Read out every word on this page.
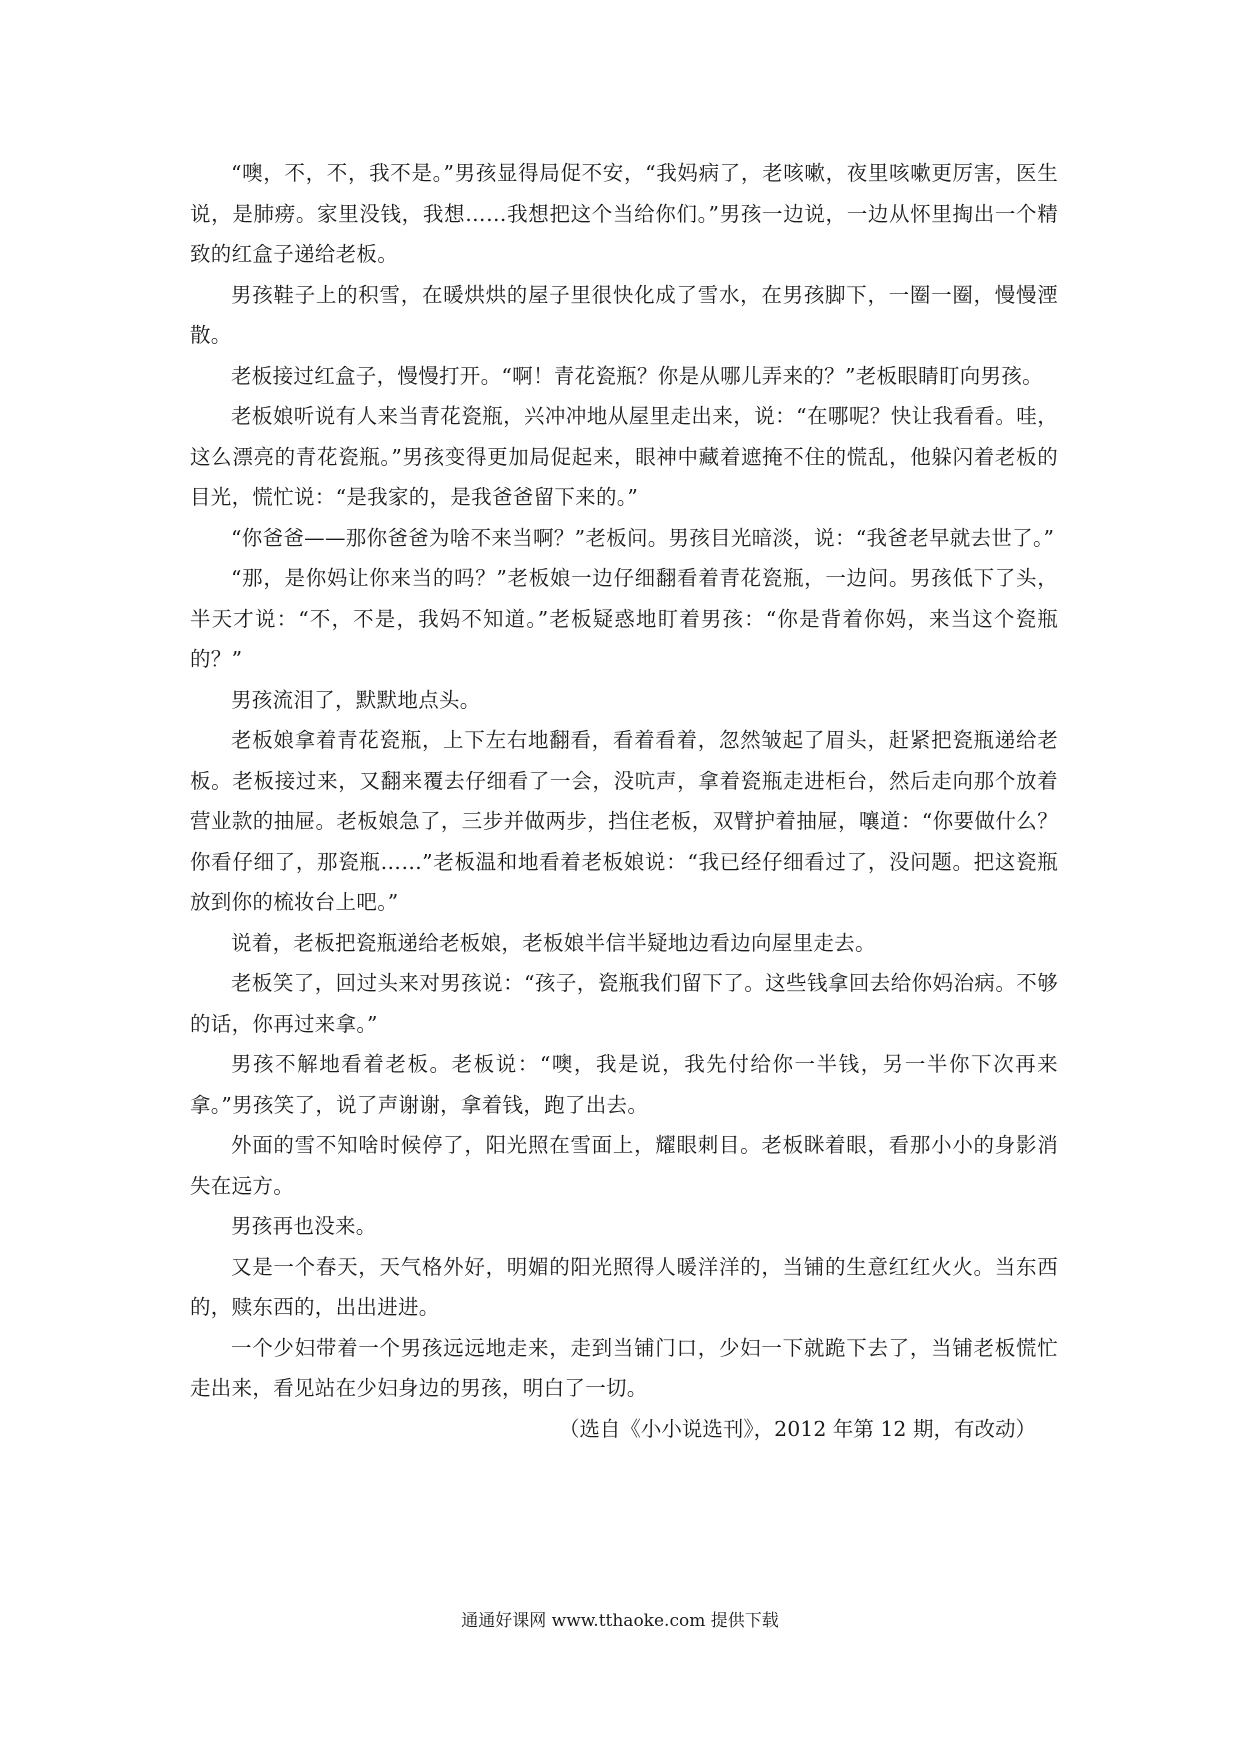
“噢，不，不，我不是。”男孩显得局促不安，“我妈病了，老咳嗽，夜里咳嗽更厉害，医生说，是肺痨。家里没钱，我想……我想把这个当给你们。”男孩一边说，一边从怀里掏出一个精致的红盒子递给老板。

男孩鞋子上的积雪，在暖烘烘的屋子里很快化成了雪水，在男孩脚下，一圈一圈，慢慢湮散。

老板接过红盒子，慢慢打开。“啊！青花瓷瓶？你是从哪儿弄来的？”老板眼睛盯向男孩。

老板娘听说有人来当青花瓷瓶，兴冲冲地从屋里走出来，说：“在哪呢？快让我看看。哇，这么漂亮的青花瓷瓶。”男孩变得更加局促起来，眼神中藏着遮掩不住的慌乱，他躲闪着老板的目光，慌忙说：“是我家的，是我爸爸留下来的。”

“你爸爸——那你爸爸为啥不来当啊？”老板问。男孩目光暗淡，说：“我爸老早就去世了。”

“那，是你妈让你来当的吗？”老板娘一边仔细翻看着青花瓷瓶，一边问。男孩低下了头，半天才说：“不，不是，我妈不知道。”老板疑惑地盯着男孩：“你是背着你妈，来当这个瓷瓶的？”

男孩流泪了，默默地点头。

老板娘拿着青花瓷瓶，上下左右地翻看，看着看着，忽然皱起了眉头，赶紧把瓷瓶递给老板。老板接过来，又翻来覆去仔细看了一会，没吭声，拿着瓷瓶走进柜台，然后走向那个放着营业款的抽屉。老板娘急了，三步并做两步，挡住老板，双臂护着抽屉，嚷道：“你要做什么？你看仔细了，那瓷瓶……”老板温和地看着老板娘说：“我已经仔细看过了，没问题。把这瓷瓶放到你的梳妆台上吧。”

说着，老板把瓷瓶递给老板娘，老板娘半信半疑地边看边向屋里走去。

老板笑了，回过头来对男孩说：“孩子，瓷瓶我们留下了。这些钱拿回去给你妈治病。不够的话，你再过来拿。”

男孩不解地看着老板。老板说：“噢，我是说，我先付给你一半钱，另一半你下次再来拿。”男孩笑了，说了声谢谢，拿着钱，跑了出去。

外面的雪不知啥时候停了，阳光照在雪面上，耀眼刺目。老板眯着眼，看那小小的身影消失在远方。

男孩再也没来。

又是一个春天，天气格外好，明媚的阳光照得人暖洋洋的，当铺的生意红红火火。当东西的，赎东西的，出出进进。

一个少妇带着一个男孩远远地走来，走到当铺门口，少妇一下就跪下去了，当铺老板慌忙走出来，看见站在少妇身边的男孩，明白了一切。

（选自《小小说选刊》，2012 年第 12 期，有改动）

通通好课网 www.tthaoke.com 提供下载
